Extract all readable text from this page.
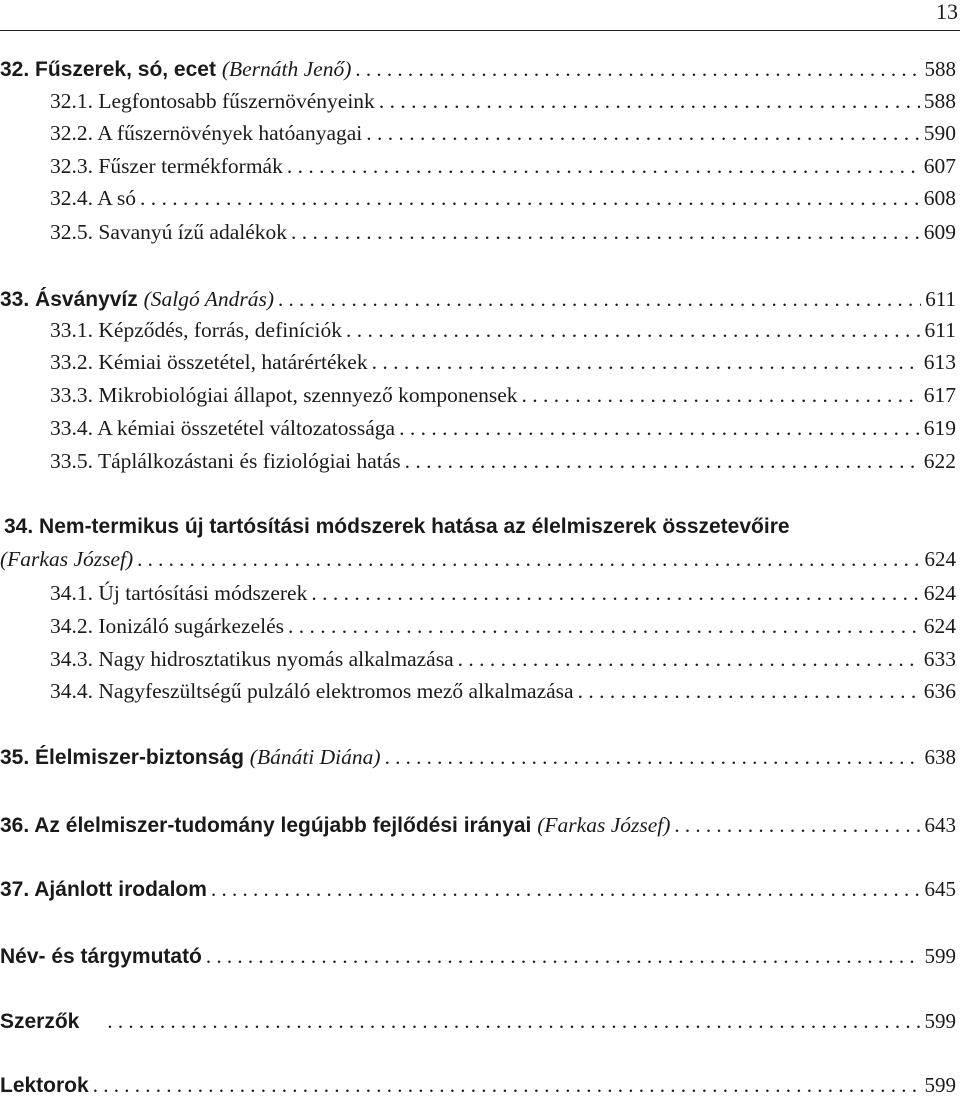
13
32. Fűszerek, só, ecet (Bernáth Jenő) . . .	588
32.1. Legfontosabb fűszernövényeink . . .	588
32.2. A fűszernövények hatóanyagai . . .	590
32.3. Fűszer termékformák . . .	607
32.4. A só . . .	608
32.5. Savanyú ízű adalékok . . .	609
33. Ásványvíz (Salgó András) . . .	611
33.1. Képződés, forrás, definíciók . . .	611
33.2. Kémiai összetétel, határértékek . . .	613
33.3. Mikrobiológiai állapot, szennyező komponensek . . .	617
33.4. A kémiai összetétel változatossága . . .	619
33.5. Táplálkozástani és fiziológiai hatás . . .	622
34. Nem-termikus új tartósítási módszerek hatása az élelmiszerek összetevőire
(Farkas József) . . .	624
34.1. Új tartósítási módszerek . . .	624
34.2. Ionizáló sugárkezelés . . .	624
34.3. Nagy hidrosztatikus nyomás alkalmazása . . .	633
34.4. Nagyfeszültségű pulzáló elektromos mező alkalmazása . . .	636
35. Élelmiszer-biztonság (Bánáti Diána) . . .	638
36. Az élelmiszer-tudomány legújabb fejlődési irányai (Farkas József) . . .	643
37. Ajánlott irodalom . . .	645
Név- és tárgymutató . . .	599
Szerzők . . .	599
Lektorok . . .	599
